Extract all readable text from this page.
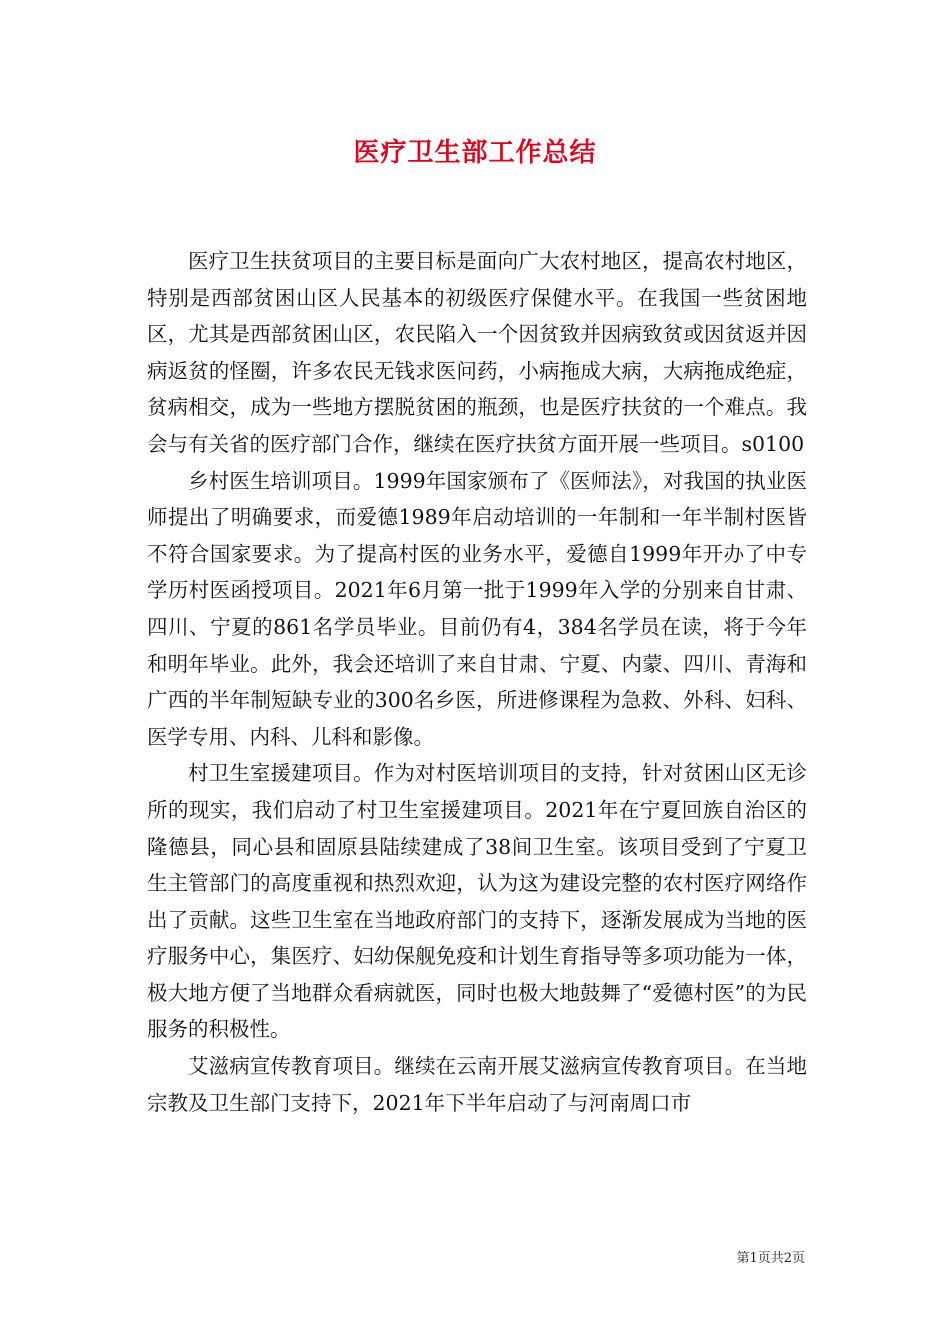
医疗卫生部工作总结

医疗卫生扶贫项目的主要目标是面向广大农村地区，提高农村地区，特别是西部贫困山区人民基本的初级医疗保健水平。在我国一些贫困地区，尤其是西部贫困山区，农民陷入一个因贫致并因病致贫或因贫返并因病返贫的怪圈，许多农民无钱求医问药，小病拖成大病，大病拖成绝症，贫病相交，成为一些地方摆脱贫困的瓶颈，也是医疗扶贫的一个难点。我会与有关省的医疗部门合作，继续在医疗扶贫方面开展一些项目。s0100

乡村医生培训项目。1999年国家颁布了《医师法》，对我国的执业医师提出了明确要求，而爱德1989年启动培训的一年制和一年半制村医皆不符合国家要求。为了提高村医的业务水平，爱德自1999年开办了中专学历村医函授项目。2021年6月第一批于1999年入学的分别来自甘肃、四川、宁夏的861名学员毕业。目前仍有4，384名学员在读，将于今年和明年毕业。此外，我会还培训了来自甘肃、宁夏、内蒙、四川、青海和广西的半年制短缺专业的300名乡医，所进修课程为急救、外科、妇科、医学专用、内科、儿科和影像。

村卫生室援建项目。作为对村医培训项目的支持，针对贫困山区无诊所的现实，我们启动了村卫生室援建项目。2021年在宁夏回族自治区的隆德县，同心县和固原县陆续建成了38间卫生室。该项目受到了宁夏卫生主管部门的高度重视和热烈欢迎，认为这为建设完整的农村医疗网络作出了贡献。这些卫生室在当地政府部门的支持下，逐渐发展成为当地的医疗服务中心，集医疗、妇幼保舰免疫和计划生育指导等多项功能为一体，极大地方便了当地群众看病就医，同时也极大地鼓舞了“爱德村医”的为民服务的积极性。

艾滋病宣传教育项目。继续在云南开展艾滋病宣传教育项目。在当地宗教及卫生部门支持下，2021年下半年启动了与河南周口市

第1页共2页
